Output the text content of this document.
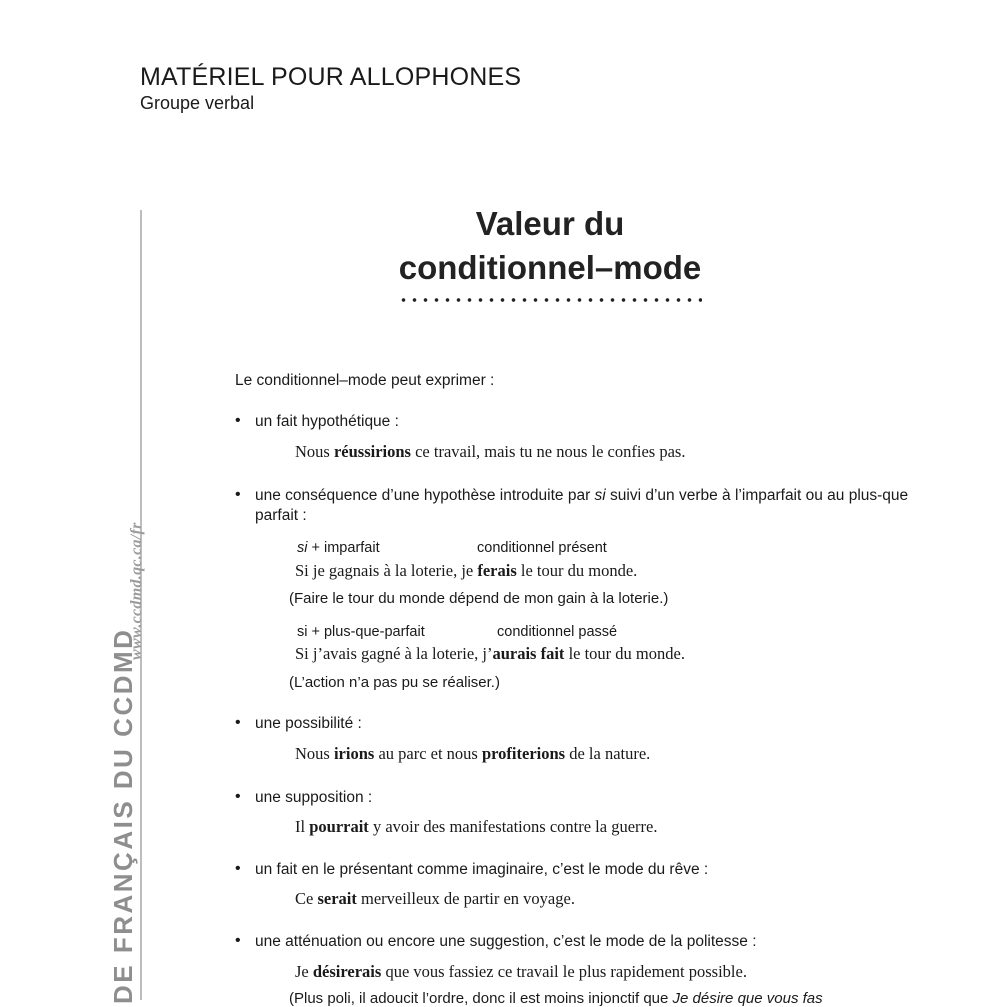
MATÉRIEL POUR ALLOPHONES
Groupe verbal
www.ccdmd.qc.ca/fr
DE FRANÇAIS DU CCDMD
Valeur du
conditionnel–mode
Le conditionnel–mode peut exprimer :
• un fait hypothétique :
Nous réussirions ce travail, mais tu ne nous le confies pas.
• une conséquence d’une hypothèse introduite par si suivi d’un verbe à l’imparfait ou au plus-que parfait :
si + imparfait	conditionnel présent
Si je gagnais à la loterie, je ferais le tour du monde.
(Faire le tour du monde dépend de mon gain à la loterie.)
si + plus-que-parfait	conditionnel passé
Si j’avais gagné à la loterie, j’aurais fait le tour du monde.
(L’action n’a pas pu se réaliser.)
• une possibilité :
Nous irions au parc et nous profiterions de la nature.
• une supposition :
Il pourrait y avoir des manifestations contre la guerre.
• un fait en le présentant comme imaginaire, c’est le mode du rêve :
Ce serait merveilleux de partir en voyage.
• une atténuation ou encore une suggestion, c’est le mode de la politesse :
Je désirerais que vous fassiez ce travail le plus rapidement possible.
(Plus poli, il adoucit l’ordre, donc il est moins injonctif que Je désire que vous fas
